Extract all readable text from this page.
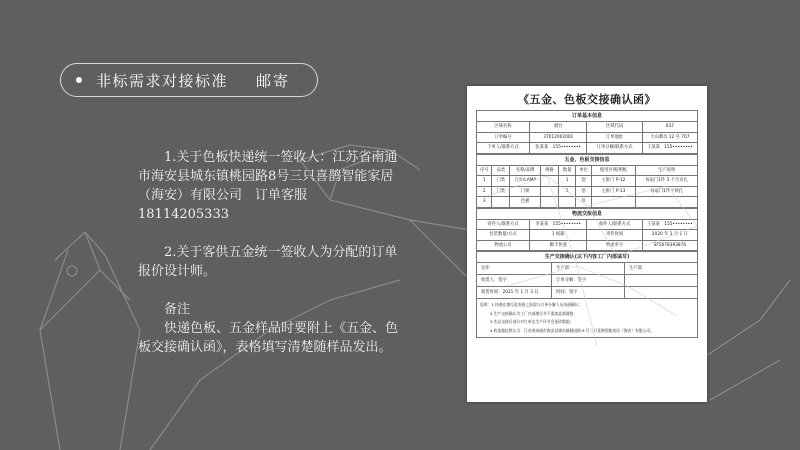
非标需求对接标准 邮寄

1.关于色板快递统一签收人：江苏省南通市海安县城东镇桃园路8号三只喜鹊智能家居（海安）有限公司　订单客服　18114205333

2.关于客供五金统一签收人为分配的订单报价设计师。

备注

快递色板、五金样品时要附上《五金、色板交接确认函》，表格填写清楚随样品发出。

《五金、色板交接确认函》
订单基本信息
区域名称	烟台	区域代码	037
订单编号	37012002001	订单地址	天山教员 12 号 707
下单人/联系方式	张某某　155••••••••	订单分解/联系方式	王某某　155••••••••
五金、色板交接信息
序号	品类	名称/品牌	规格	数量	单位	使用区域/照纸	生产说明
1	门类	合页/LAMP		1	套	主卧门 P-12	每扇门1件 3 个合页孔
2	门类	门锁		1	套	主卧门 P-13	每扇门1件个锁孔
3		色板			块		
物流交接信息
寄件人/联系方式	李某某　155••••••••	收件人/联系方式	王某某　155••••••••
包装数量/方式	1 纸箱	寄件时间	2020 年 1 月 1 日
物流公司	顺丰快递	物流单号	SF5678393876
生产交接确认(以下内容工厂内部填写)
仓库	生产部	生产部
收货人：签字	订单分解：签字	
收货时间：2021 年 1 月 3 日	时间：签字	
说明：1.快递在填写此表格之前需与订单分解人员沟通确认；
2.生产交接确认为工厂内部填写并不需加盖骑缝签；
3.生品交接后部分对订单在生产环节会更改数据；
4.收货地址默认为：江苏省南通市海安县城东镇桃园路 8 号三只喜鹊智能家居（海安）有限公司。
